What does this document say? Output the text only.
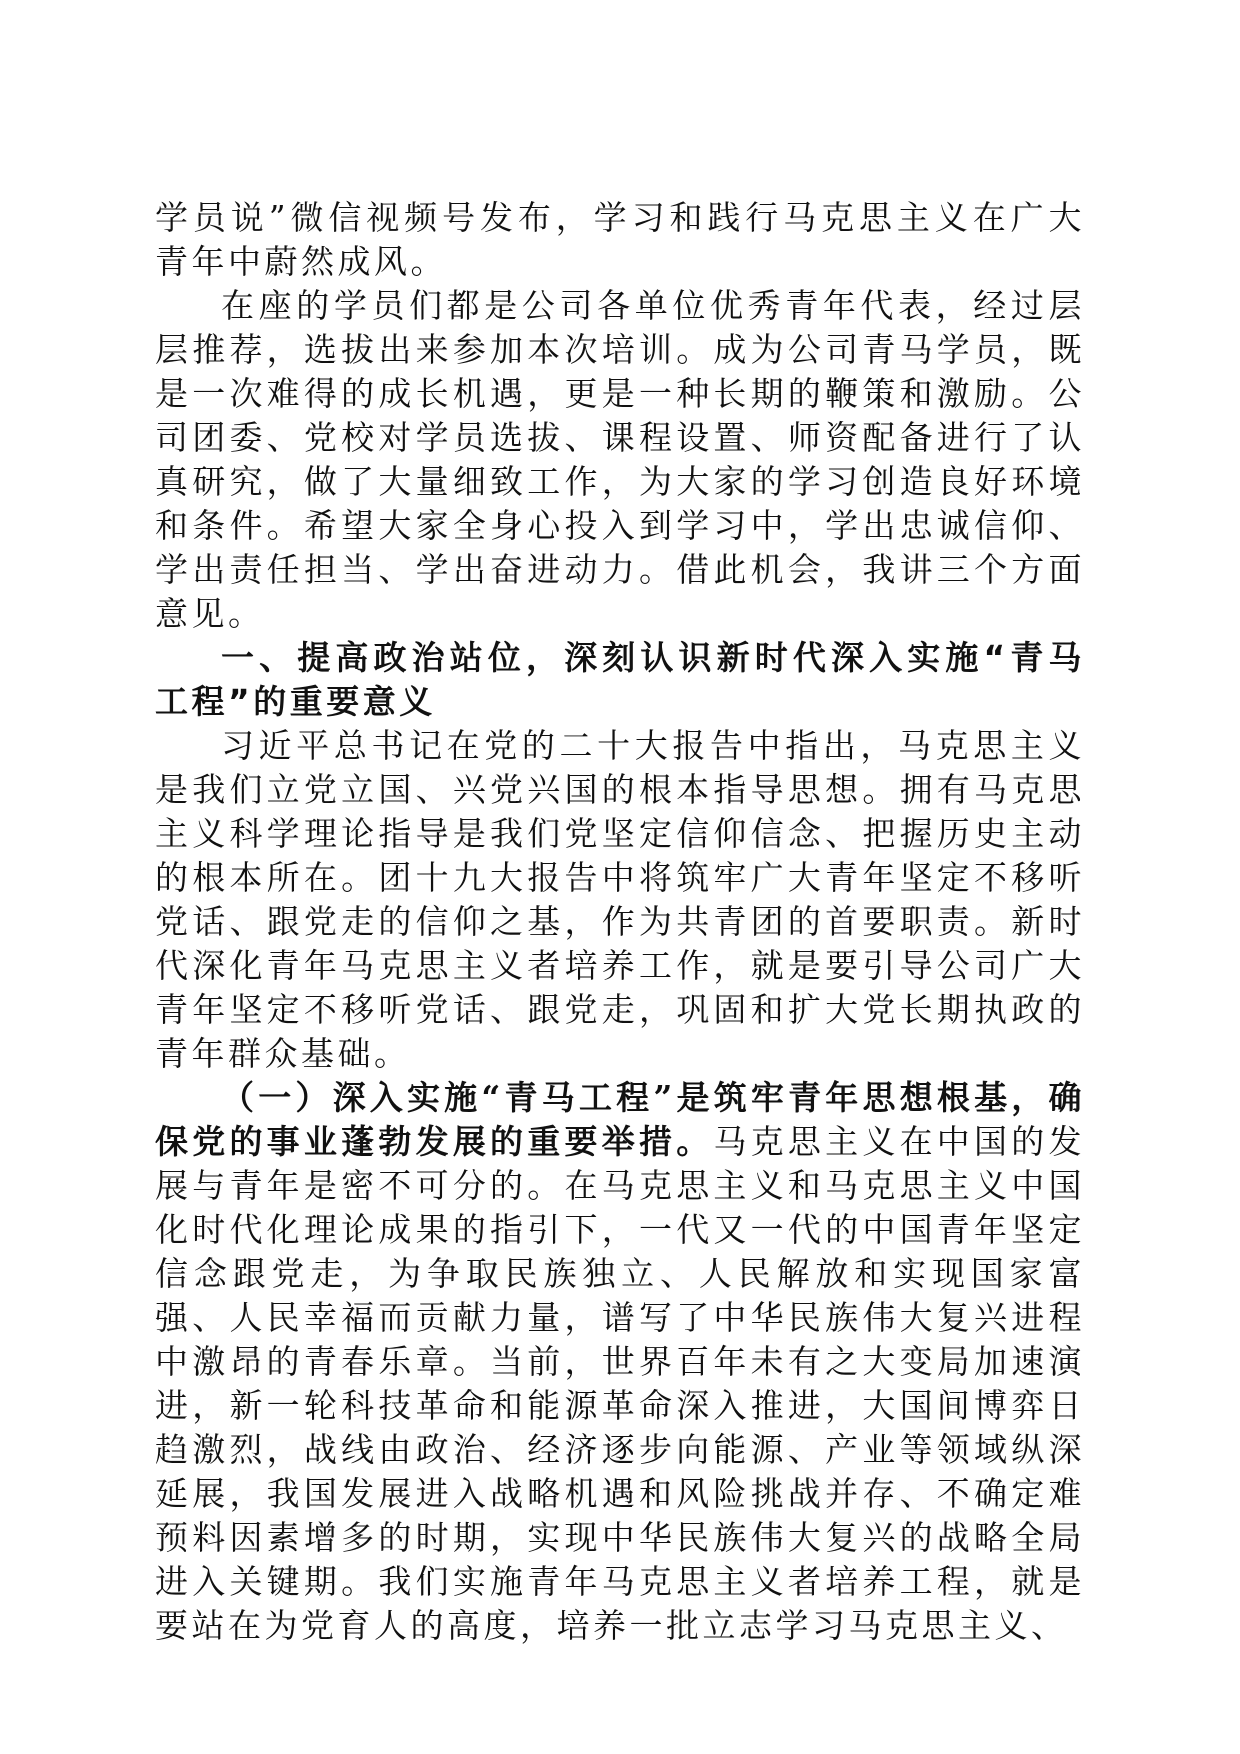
学员说”微信视频号发布，学习和践行马克思主义在广大青年中蔚然成风。

在座的学员们都是公司各单位优秀青年代表，经过层层推荐，选拔出来参加本次培训。成为公司青马学员，既是一次难得的成长机遇，更是一种长期的鞭策和激励。公司团委、党校对学员选拔、课程设置、师资配备进行了认真研究，做了大量细致工作，为大家的学习创造良好环境和条件。希望大家全身心投入到学习中，学出忠诚信仰、学出责任担当、学出奋进动力。借此机会，我讲三个方面意见。

一、提高政治站位，深刻认识新时代深入实施“青马工程”的重要意义

习近平总书记在党的二十大报告中指出，马克思主义是我们立党立国、兴党兴国的根本指导思想。拥有马克思主义科学理论指导是我们党坚定信仰信念、把握历史主动的根本所在。团十九大报告中将筑牢广大青年坚定不移听党话、跟党走的信仰之基，作为共青团的首要职责。新时代深化青年马克思主义者培养工作，就是要引导公司广大青年坚定不移听党话、跟党走，巩固和扩大党长期执政的青年群众基础。

（一）深入实施“青马工程”是筑牢青年思想根基，确保党的事业蓬勃发展的重要举措。马克思主义在中国的发展与青年是密不可分的。在马克思主义和马克思主义中国化时代化理论成果的指引下，一代又一代的中国青年坚定信念跟党走，为争取民族独立、人民解放和实现国家富强、人民幸福而贡献力量，谱写了中华民族伟大复兴进程中激昂的青春乐章。当前，世界百年未有之大变局加速演进，新一轮科技革命和能源革命深入推进，大国间博弈日趋激烈，战线由政治、经济逐步向能源、产业等领域纵深延展，我国发展进入战略机遇和风险挑战并存、不确定难预料因素增多的时期，实现中华民族伟大复兴的战略全局进入关键期。我们实施青年马克思主义者培养工程，就是要站在为党育人的高度，培养一批立志学习马克思主义、
